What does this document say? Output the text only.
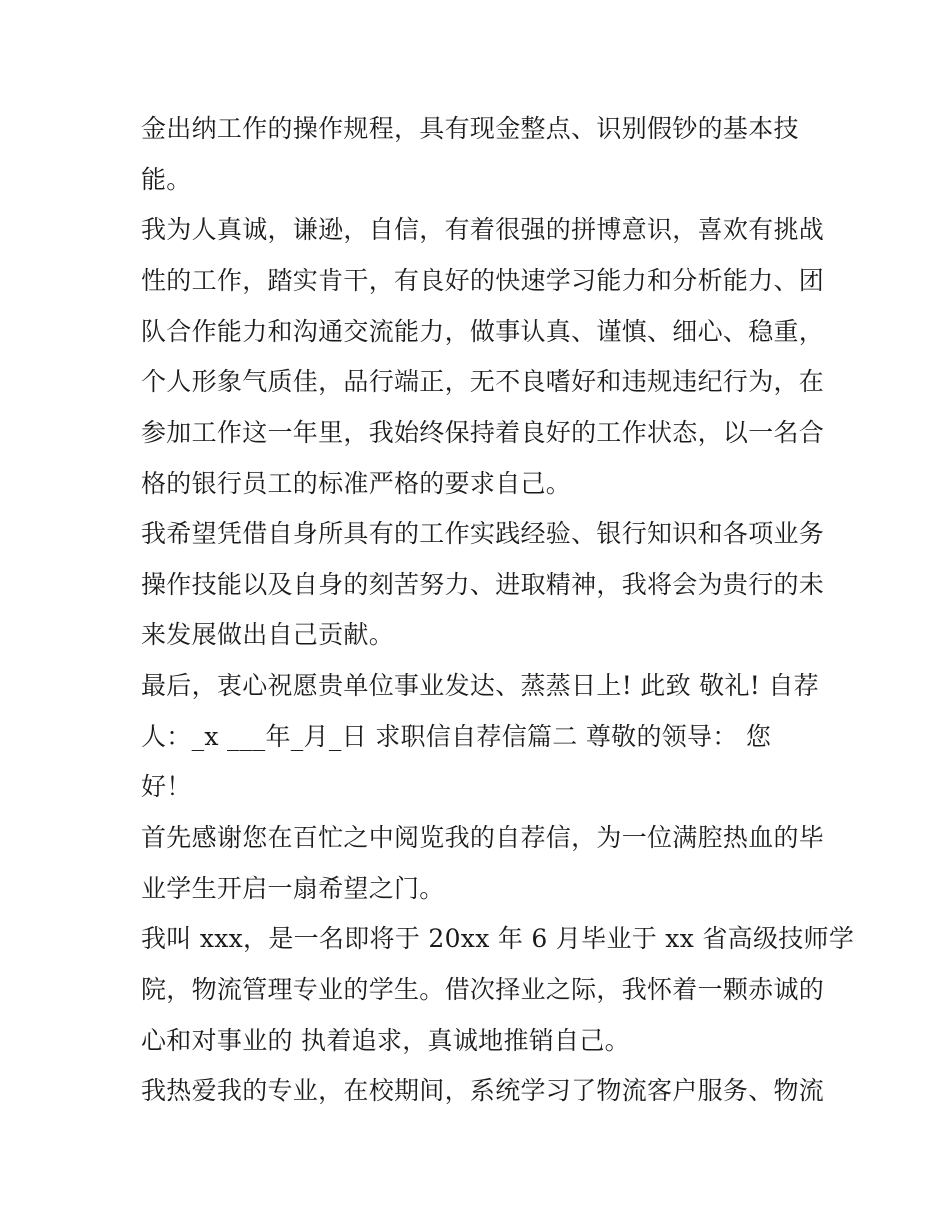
金出纳工作的操作规程，具有现金整点、识别假钞的基本技
能。
我为人真诚，谦逊，自信，有着很强的拼博意识，喜欢有挑战
性的工作，踏实肯干，有良好的快速学习能力和分析能力、团
队合作能力和沟通交流能力，做事认真、谨慎、细心、稳重，
个人形象气质佳，品行端正，无不良嗜好和违规违纪行为，在
参加工作这一年里，我始终保持着良好的工作状态，以一名合
格的银行员工的标准严格的要求自己。
我希望凭借自身所具有的工作实践经验、银行知识和各项业务
操作技能以及自身的刻苦努力、进取精神，我将会为贵行的未
来发展做出自己贡献。
最后，衷心祝愿贵单位事业发达、蒸蒸日上! 此致 敬礼! 自荐
人：_x ___年_月_日 求职信自荐信篇二 尊敬的领导： 您
好！
首先感谢您在百忙之中阅览我的自荐信，为一位满腔热血的毕
业学生开启一扇希望之门。
我叫 xxx，是一名即将于 20xx 年 6 月毕业于 xx 省高级技师学
院，物流管理专业的学生。借次择业之际，我怀着一颗赤诚的
心和对事业的 执着追求，真诚地推销自己。
我热爱我的专业，在校期间，系统学习了物流客户服务、物流
